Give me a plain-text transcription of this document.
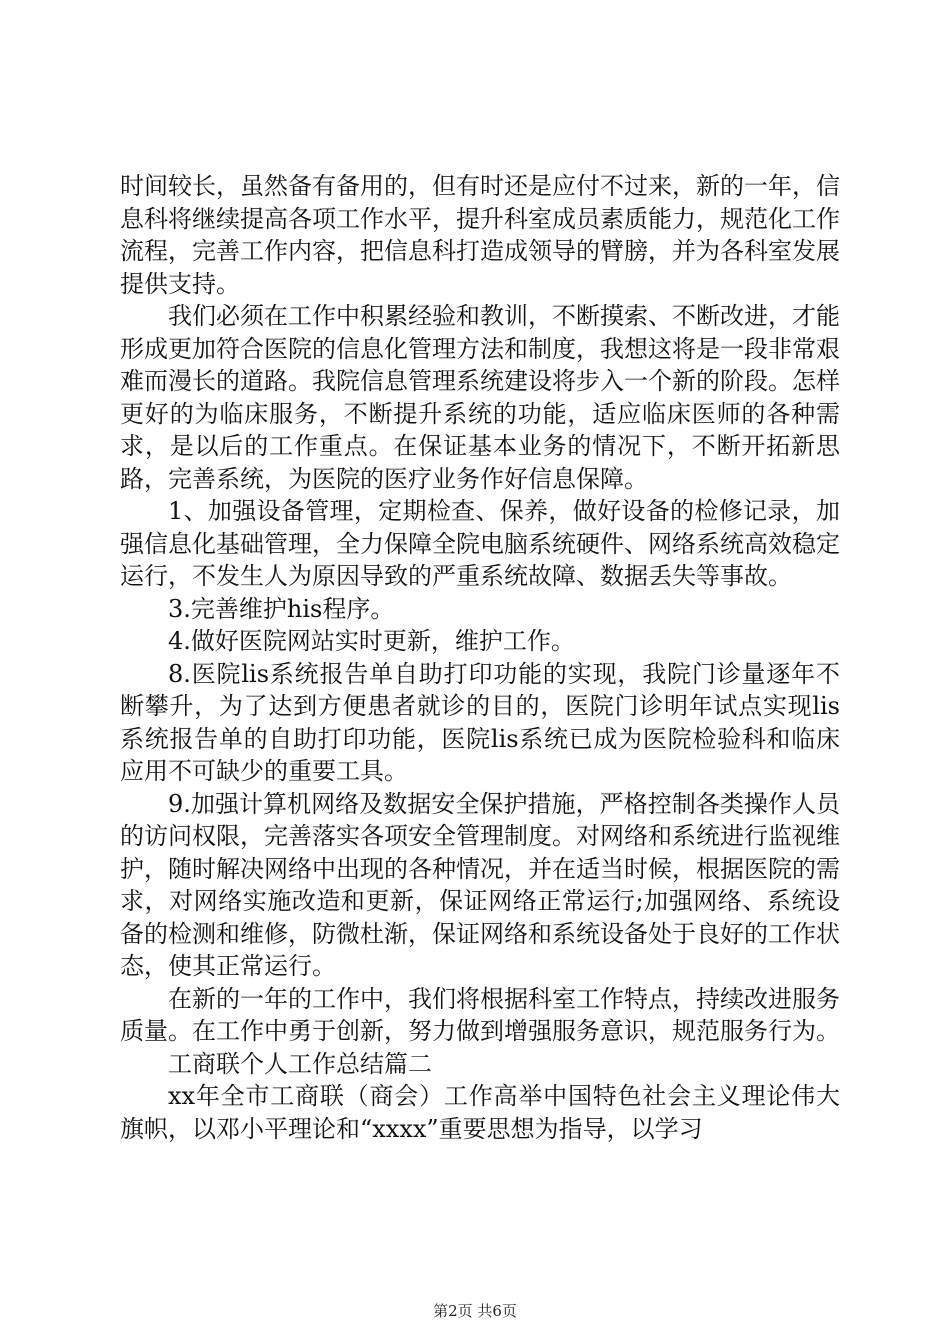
时间较长，虽然备有备用的，但有时还是应付不过来，新的一年，信息科将继续提高各项工作水平，提升科室成员素质能力，规范化工作流程，完善工作内容，把信息科打造成领导的臂膀，并为各科室发展提供支持。

我们必须在工作中积累经验和教训，不断摸索、不断改进，才能形成更加符合医院的信息化管理方法和制度，我想这将是一段非常艰难而漫长的道路。我院信息管理系统建设将步入一个新的阶段。怎样更好的为临床服务，不断提升系统的功能，适应临床医师的各种需求，是以后的工作重点。在保证基本业务的情况下，不断开拓新思路，完善系统，为医院的医疗业务作好信息保障。

1、加强设备管理，定期检查、保养，做好设备的检修记录，加强信息化基础管理，全力保障全院电脑系统硬件、网络系统高效稳定运行，不发生人为原因导致的严重系统故障、数据丢失等事故。

3.完善维护his程序。

4.做好医院网站实时更新，维护工作。

8.医院lis系统报告单自助打印功能的实现，我院门诊量逐年不断攀升，为了达到方便患者就诊的目的，医院门诊明年试点实现lis系统报告单的自助打印功能，医院lis系统已成为医院检验科和临床应用不可缺少的重要工具。

9.加强计算机网络及数据安全保护措施，严格控制各类操作人员的访问权限，完善落实各项安全管理制度。对网络和系统进行监视维护，随时解决网络中出现的各种情况，并在适当时候，根据医院的需求，对网络实施改造和更新，保证网络正常运行;加强网络、系统设备的检测和维修，防微杜渐，保证网络和系统设备处于良好的工作状态，使其正常运行。

在新的一年的工作中，我们将根据科室工作特点，持续改进服务质量。在工作中勇于创新，努力做到增强服务意识，规范服务行为。

工商联个人工作总结篇二

xx年全市工商联（商会）工作高举中国特色社会主义理论伟大旗帜，以邓小平理论和“xxxx”重要思想为指导，以学习

第2页 共6页
